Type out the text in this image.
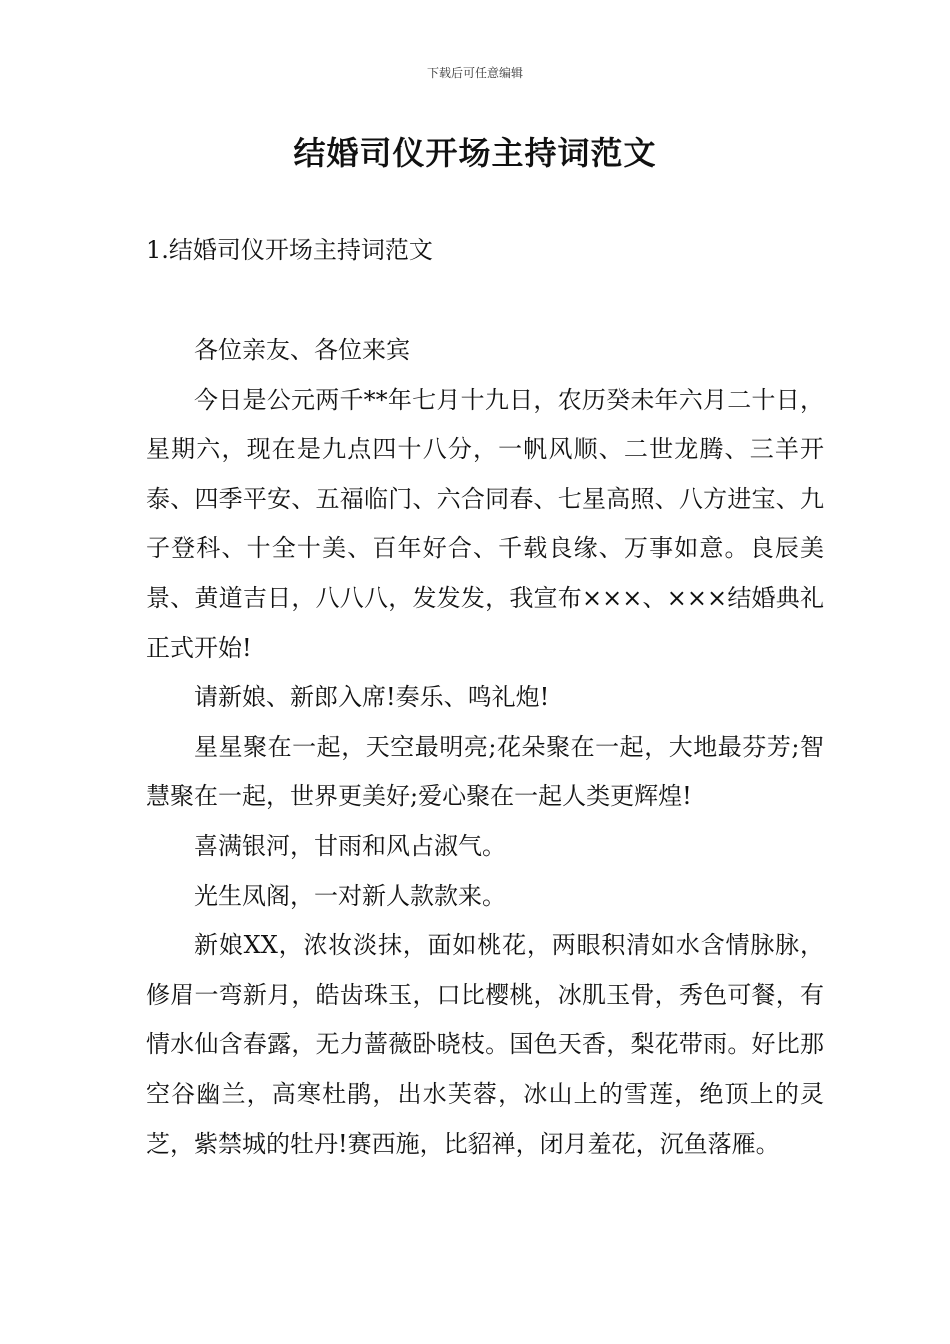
下载后可任意编辑
结婚司仪开场主持词范文
1.结婚司仪开场主持词范文

各位亲友、各位来宾

今日是公元两千**年七月十九日，农历癸未年六月二十日，星期六，现在是九点四十八分，一帆风顺、二世龙腾、三羊开泰、四季平安、五福临门、六合同春、七星高照、八方进宝、九子登科、十全十美、百年好合、千载良缘、万事如意。良辰美景、黄道吉日，八八八，发发发，我宣布×××、×××结婚典礼正式开始!

请新娘、新郎入席!奏乐、鸣礼炮!

星星聚在一起，天空最明亮;花朵聚在一起，大地最芬芳;智慧聚在一起，世界更美好;爱心聚在一起人类更辉煌!

喜满银河，甘雨和风占淑气。

光生凤阁，一对新人款款来。

新娘XX，浓妆淡抹，面如桃花，两眼积清如水含情脉脉，修眉一弯新月，皓齿珠玉，口比樱桃，冰肌玉骨，秀色可餐，有情水仙含春露，无力蔷薇卧晓枝。国色天香，梨花带雨。好比那空谷幽兰，高寒杜鹃，出水芙蓉，冰山上的雪莲，绝顶上的灵芝，紫禁城的牡丹!赛西施，比貂禅，闭月羞花，沉鱼落雁。
